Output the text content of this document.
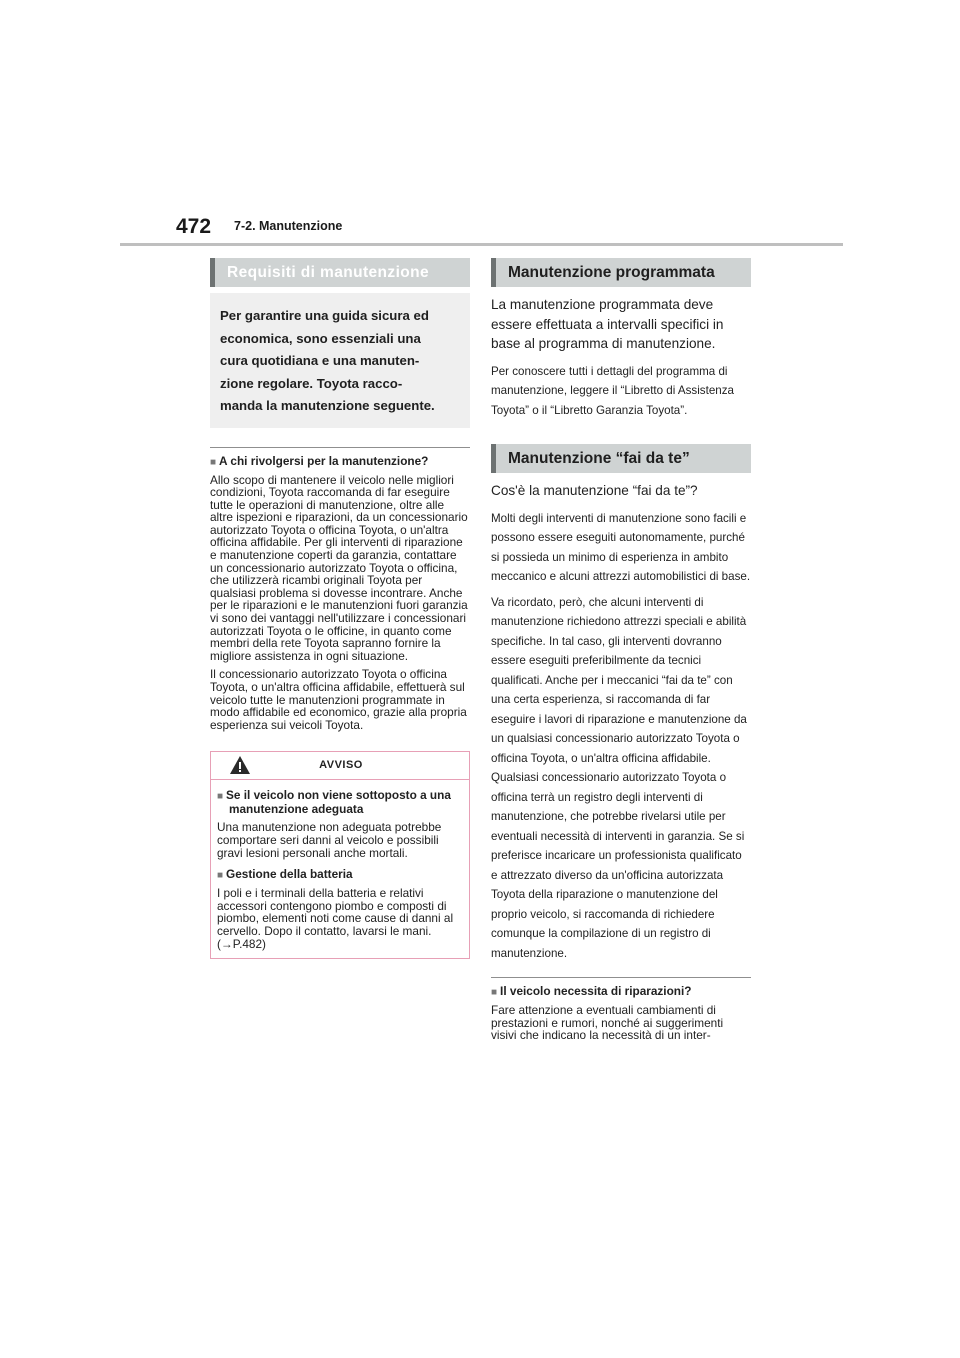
472 7-2. Manutenzione
Requisiti di manutenzione
Per garantire una guida sicura ed
economica, sono essenziali una
cura quotidiana e una manuten-
zione regolare. Toyota racco-
manda la manutenzione seguente.
■ A chi rivolgersi per la manutenzione?

Allo scopo di mantenere il veicolo nelle migliori condizioni, Toyota raccomanda di far eseguire tutte le operazioni di manutenzione, oltre alle altre ispezioni e riparazioni, da un concessionario autorizzato Toyota o officina Toyota, o un'altra officina affidabile. Per gli interventi di riparazione e manutenzione coperti da garanzia, contattare un concessionario autorizzato Toyota o officina, che utilizzerà ricambi originali Toyota per qualsiasi problema si dovesse incontrare. Anche per le riparazioni e le manutenzioni fuori garanzia vi sono dei vantaggi nell'utilizzare i concessionari autorizzati Toyota o le officine, in quanto come membri della rete Toyota sapranno fornire la migliore assistenza in ogni situazione.

Il concessionario autorizzato Toyota o officina Toyota, o un'altra officina affidabile, effettuerà sul veicolo tutte le manutenzioni programmate in modo affidabile ed economico, grazie alla propria esperienza sui veicoli Toyota.

AVVISO
■ Se il veicolo non viene sottoposto a una manutenzione adeguata
Una manutenzione non adeguata potrebbe comportare seri danni al veicolo e possibili gravi lesioni personali anche mortali.
■ Gestione della batteria
I poli e i terminali della batteria e relativi accessori contengono piombo e composti di piombo, elementi noti come cause di danni al cervello. Dopo il contatto, lavarsi le mani. (→P.482)
Manutenzione programmata

La manutenzione programmata deve essere effettuata a intervalli specifici in base al programma di manutenzione.

Per conoscere tutti i dettagli del programma di manutenzione, leggere il “Libretto di Assistenza Toyota” o il “Libretto Garanzia Toyota”.

Manutenzione “fai da te”

Cos'è la manutenzione “fai da te”?

Molti degli interventi di manutenzione sono facili e possono essere eseguiti autonomamente, purché si possieda un minimo di esperienza in ambito meccanico e alcuni attrezzi automobilistici di base.

Va ricordato, però, che alcuni interventi di manutenzione richiedono attrezzi speciali e abilità specifiche. In tal caso, gli interventi dovranno essere eseguiti preferibilmente da tecnici qualificati. Anche per i meccanici “fai da te” con una certa esperienza, si raccomanda di far eseguire i lavori di riparazione e manutenzione da un qualsiasi concessionario autorizzato Toyota o officina Toyota, o un'altra officina affidabile. Qualsiasi concessionario autorizzato Toyota o officina terrà un registro degli interventi di manutenzione, che potrebbe rivelarsi utile per eventuali necessità di interventi in garanzia. Se si preferisce incaricare un professionista qualificato e attrezzato diverso da un'officina autorizzata Toyota della riparazione o manutenzione del proprio veicolo, si raccomanda di richiedere comunque la compilazione di un registro di manutenzione.

■ Il veicolo necessita di riparazioni?

Fare attenzione a eventuali cambiamenti di prestazioni e rumori, nonché ai suggerimenti visivi che indicano la necessità di un inter-
